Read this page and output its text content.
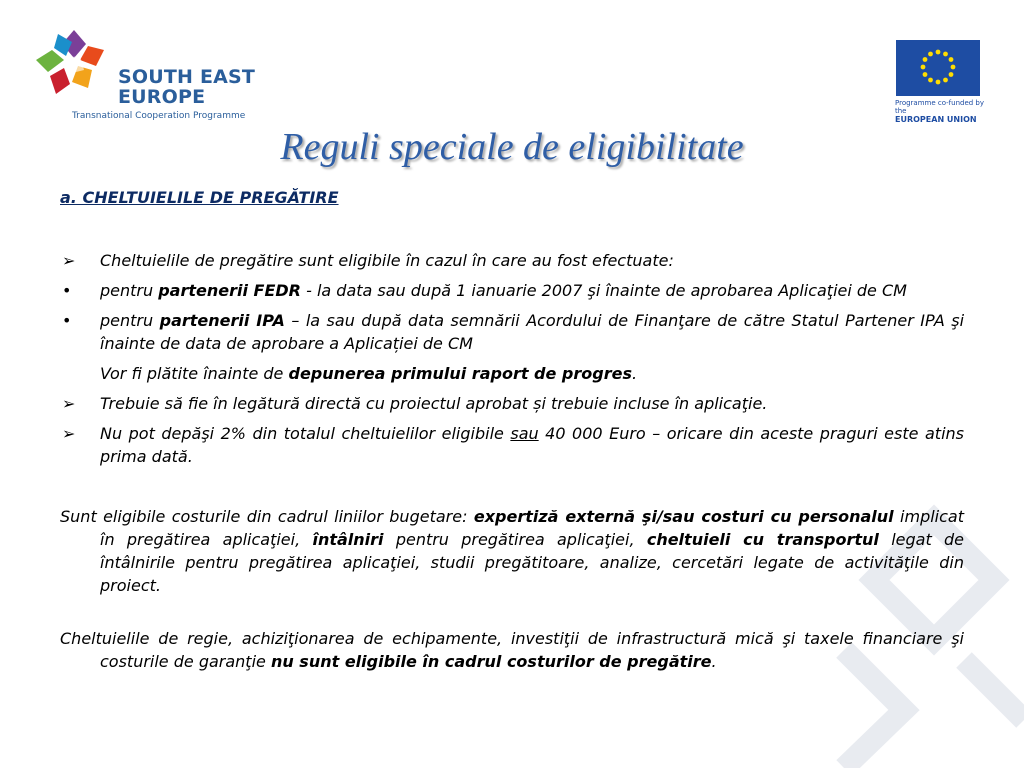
SOUTH EAST
EUROPE
Transnational Cooperation Programme
Programme co-funded by the
EUROPEAN UNION
Reguli speciale de eligibilitate

a. CHELTUIELILE DE PREGĂTIRE

➢ Cheltuielile de pregătire sunt eligibile în cazul în care au fost efectuate:

• pentru partenerii FEDR - la data sau după 1 ianuarie 2007 şi înainte de aprobarea Aplicaţiei de CM

• pentru partenerii IPA – la sau după data semnării Acordului de Finanţare de către Statul Partener IPA şi înainte de data de aprobare a Aplicației de CM

Vor fi plătite înainte de depunerea primului raport de progres.

➢ Trebuie să fie în legătură directă cu proiectul aprobat și trebuie incluse în aplicaţie.

➢ Nu pot depăşi 2% din totalul cheltuielilor eligibile sau 40 000 Euro – oricare din aceste praguri este atins prima dată.

Sunt eligibile costurile din cadrul liniilor bugetare: expertiză externă şi/sau costuri cu personalul implicat în pregătirea aplicaţiei, întâlniri pentru pregătirea aplicaţiei, cheltuieli cu transportul legat de întâlnirile pentru pregătirea aplicaţiei, studii pregătitoare, analize, cercetări legate de activităţile din proiect.

Cheltuielile de regie, achiziţionarea de echipamente, investiţii de infrastructură mică şi taxele financiare şi costurile de garanţie nu sunt eligibile în cadrul costurilor de pregătire.
